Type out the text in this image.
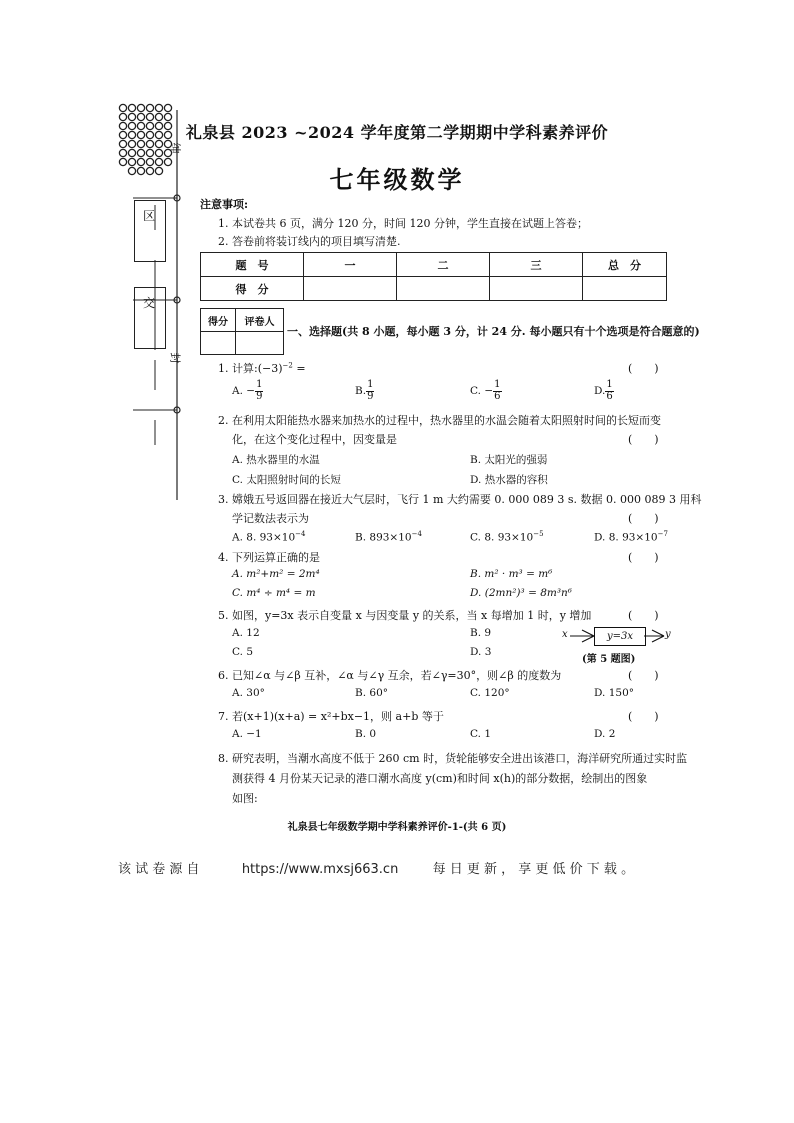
区
交
绅
封
礼泉县 2023 ~2024 学年度第二学期期中学科素养评价
七年级数学
注意事项:
1. 本试卷共 6 页，满分 120 分，时间 120 分钟，学生直接在试题上答卷；
2. 答卷前将装订线内的项目填写清楚.
题　号	一	二	三	总　分
得　分				
得分	评卷人

一、选择题(共 8 小题，每小题 3 分，计 24 分. 每小题只有十个选项是符合题意的)
1. 计算$:(-3)^{-2}$ =	(　　)
A. − $\frac{1}{9}$	B. $\frac{1}{9}$	C. − $\frac{1}{6}$	D. $\frac{1}{6}$
2. 在利用太阳能热水器来加热水的过程中，热水器里的水温会随着太阳照射时间的长短而变
化，在这个变化过程中，因变量是	(　　)
A. 热水器里的水温	B. 太阳光的强弱
C. 太阳照射时间的长短	D. 热水器的容积
3. 嫦娥五号返回器在接近大气层时，飞行 1 m 大约需要 0. 000 089 3 s. 数据 0. 000 089 3 用科
学记数法表示为	(　　)
A. 8. $93\times 10^{-4}$	B. $893\times 10^{-4}$	C. 8. $93\times 10^{-5}$	D. 8. $93\times 10^{-7}$
4. 下列运算正确的是	(　　)
A. m²+m² = 2m⁴	B. m² · m³ = m⁶
C. m⁴ ÷ m⁴ = m	D. (2mn²)³ = 8m³n⁶
5. 如图，y=3x 表示自变量 x 与因变量 y 的关系，当 x 每增加 1 时，y 增加	(　　)
A. 12	B. 9
C. 5	D. 3
y=3x
x	y
(第 5 题图)
6. 已知∠α 与∠β 互补，∠α 与∠γ 互余，若∠γ=30°，则∠β 的度数为	(　　)
A. 30°	B. 60°	C. 120°	D. 150°
7. 若(x+1)(x+a) = x²+bx−1，则 a+b 等于	(　　)
A. −1	B. 0	C. 1	D. 2
8. 研究表明，当潮水高度不低于 260 cm 时，货轮能够安全进出该港口，海洋研究所通过实时监
测获得 4 月份某天记录的港口潮水高度 y(cm)和时间 x(h)的部分数据，绘制出的图象
如图:
礼泉县七年级数学期中学科素养评价-1-(共 6 页)
该 试 卷 源 自	https://www.mxsj663.cn	每 日 更 新 ， 享 更 低 价 下 载 。
